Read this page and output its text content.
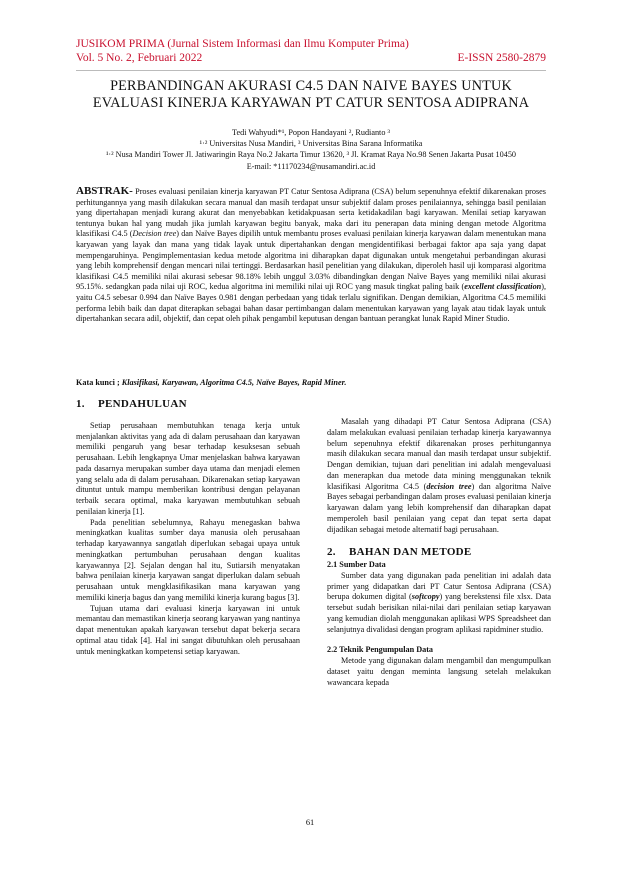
JUSIKOM PRIMA (Jurnal Sistem Informasi dan Ilmu Komputer Prima)
Vol. 5 No. 2, Februari 2022	E-ISSN 2580-2879
PERBANDINGAN AKURASI C4.5 DAN NAIVE BAYES UNTUK
EVALUASI KINERJA KARYAWAN PT CATUR SENTOSA ADIPRANA
Tedi Wahyudi*¹, Popon Handayani ², Rudianto ³
¹·² Universitas Nusa Mandiri, ³ Universitas Bina Sarana Informatika
¹·² Nusa Mandiri Tower Jl. Jatiwaringin Raya No.2 Jakarta Timur 13620, ³ Jl. Kramat Raya No.98 Senen Jakarta Pusat 10450
E-mail: *11170234@nusamandiri.ac.id
ABSTRAK- Proses evaluasi penilaian kinerja karyawan PT Catur Sentosa Adiprana (CSA) belum sepenuhnya efektif dikarenakan proses perhitungannya yang masih dilakukan secara manual dan masih terdapat unsur subjektif dalam proses penilaiannya, sehingga basil penilaian yang dipertahapan menjadi kurang akurat dan menyebabkan ketidakpuasan serta ketidakadilan bagi karyawan. Menilai setiap karyawan tentunya bukan hal yang mudah jika jumlah karyawan begitu banyak, maka dari itu penerapan data mining dengan metode Algoritma klasifikasi C4.5 (Decision tree) dan Naïve Bayes dipilih untuk membantu proses evaluasi penilaian kinerja karyawan dalam menentukan mana karyawan yang layak dan mana yang tidak layak untuk dipertahankan dengan mengidentifikasi berbagai faktor apa saja yang dapat mempengaruhinya. Pengimplementasian kedua metode algoritma ini diharapkan dapat digunakan untuk mengetahui perbandingan akurasi yang lebih komprehensif dengan mencari nilai tertinggi. Berdasarkan hasil penelitian yang dilakukan, diperoleh hasil uji komparasi algoritma klasifikasi C4.5 memiliki nilai akurasi sebesar 98.18% lebih unggul 3.03% dibandingkan dengan Naïve Bayes yang memiliki nilai akurasi 95.15%. sedangkan pada nilai uji ROC, kedua algoritma ini memiliki nilai uji ROC yang masuk tingkat paling baik (excellent classification), yaitu C4.5 sebesar 0.994 dan Naïve Bayes 0.981 dengan perbedaan yang tidak terlalu signifikan. Dengan demikian, Algoritma C4.5 memiliki performa lebih baik dan dapat diterapkan sebagai bahan dasar pertimbangan dalam menentukan karyawan yang layak atau tidak layak untuk dipertahankan secara adil, objektif, dan cepat oleh pihak pengambil keputusan dengan bantuan perangkat lunak Rapid Miner Studio.
Kata kunci ; Klasifikasi, Karyawan, Algoritma C4.5, Naïve Bayes, Rapid Miner.
1. PENDAHULUAN

Setiap perusahaan membutuhkan tenaga kerja untuk menjalankan aktivitas yang ada di dalam perusahaan dan karyawan memiliki pengaruh yang besar terhadap kesuksesan sebuah perusahaan. Lebih lengkapnya Umar menjelaskan bahwa karyawan pada dasarnya merupakan sumber daya utama dan menjadi elemen yang selalu ada di dalam perusahaan. Dikarenakan setiap karyawan dituntut untuk mampu memberikan kontribusi dengan pelayanan terbaik secara optimal, maka karyawan membutuhkan sebuah penilaian kinerja [1].

Pada penelitian sebelumnya, Rahayu menegaskan bahwa meningkatkan kualitas sumber daya manusia oleh perusahaan terhadap karyawannya sangatlah diperlukan sebagai upaya untuk meningkatkan pertumbuhan perusahaan dengan kualitas karyawannya [2]. Sejalan dengan hal itu, Sutiarsih menyatakan bahwa penilaian kinerja karyawan sangat diperlukan dalam sebuah perusahaan untuk mengklasifikasikan mana karyawan yang memiliki kinerja bagus dan yang memiliki kinerja kurang bagus [3].

Tujuan utama dari evaluasi kinerja karyawan ini untuk memantau dan memastikan kinerja seorang karyawan yang nantinya dapat menentukan apakah karyawan tersebut dapat bekerja secara optimal atau tidak [4]. Hal ini sangat dibutuhkan oleh perusahaan untuk meningkatkan kompetensi setiap karyawan.

Masalah yang dihadapi PT Catur Sentosa Adiprana (CSA) dalam melakukan evaluasi penilaian terhadap kinerja karyawannya belum sepenuhnya efektif dikarenakan proses perhitungannya masih dilakukan secara manual dan masih terdapat unsur subjektif. Dengan demikian, tujuan dari penelitian ini adalah mengevaluasi dan menerapkan dua metode data mining menggunakan teknik klasifikasi Algoritma C4.5 (decision tree) dan algoritma Naïve Bayes sebagai perbandingan dalam proses evaluasi penilaian kinerja karyawan dalam yang lebih komprehensif dan diharapkan dapat memperoleh basil penilaian yang cepat dan tepat serta dapat dijadikan sebagai metode alternatif bagi perusahaan.

2. BAHAN DAN METODE
2.1 Sumber Data

Sumber data yang digunakan pada penelitian ini adalah data primer yang didapatkan dari PT Catur Sentosa Adiprana (CSA) berupa dokumen digital (softcopy) yang berekstensi file xlsx. Data tersebut sudah berisikan nilai-nilai dari penilaian setiap karyawan yang kemudian diolah menggunakan aplikasi WPS Spreadsheet dan selanjutnya divalidasi dengan program aplikasi rapidminer studio.

2.2 Teknik Pengumpulan Data

Metode yang digunakan dalam mengambil dan mengumpulkan dataset yaitu dengan meminta langsung setelah melakukan wawancara kepada

61
